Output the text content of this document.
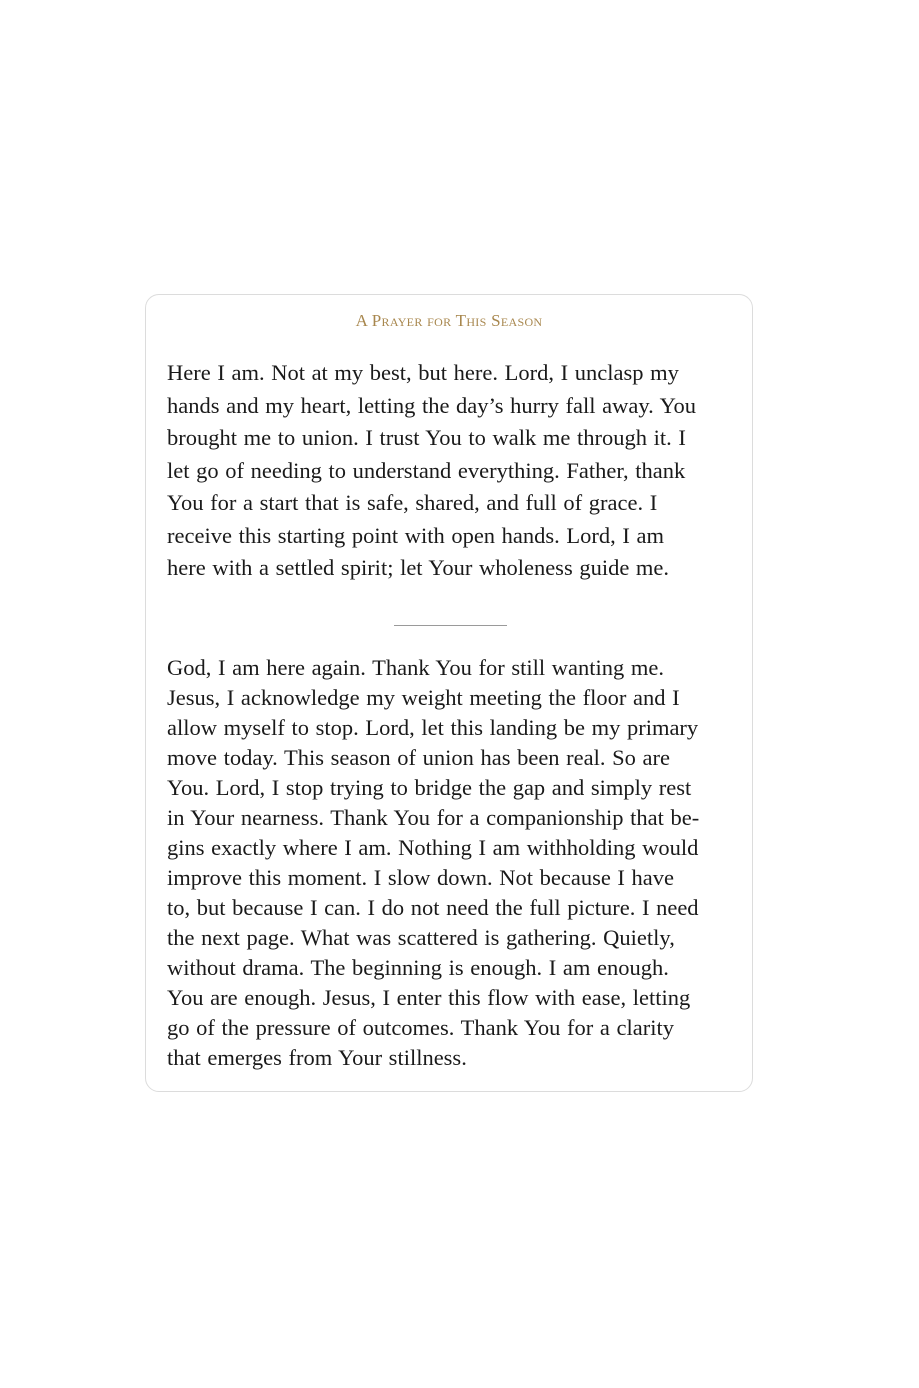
A Prayer for This Season

Here I am. Not at my best, but here. Lord, I unclasp my
hands and my heart, letting the day’s hurry fall away. You
brought me to union. I trust You to walk me through it. I
let go of needing to understand everything. Father, thank
You for a start that is safe, shared, and full of grace. I
receive this starting point with open hands. Lord, I am
here with a settled spirit; let Your wholeness guide me.

God, I am here again. Thank You for still wanting me.
Jesus, I acknowledge my weight meeting the floor and I
allow myself to stop. Lord, let this landing be my primary
move today. This season of union has been real. So are
You. Lord, I stop trying to bridge the gap and simply rest
in Your nearness. Thank You for a companionship that be-
gins exactly where I am. Nothing I am withholding would
improve this moment. I slow down. Not because I have
to, but because I can. I do not need the full picture. I need
the next page. What was scattered is gathering. Quietly,
without drama. The beginning is enough. I am enough.
You are enough. Jesus, I enter this flow with ease, letting
go of the pressure of outcomes. Thank You for a clarity
that emerges from Your stillness.
